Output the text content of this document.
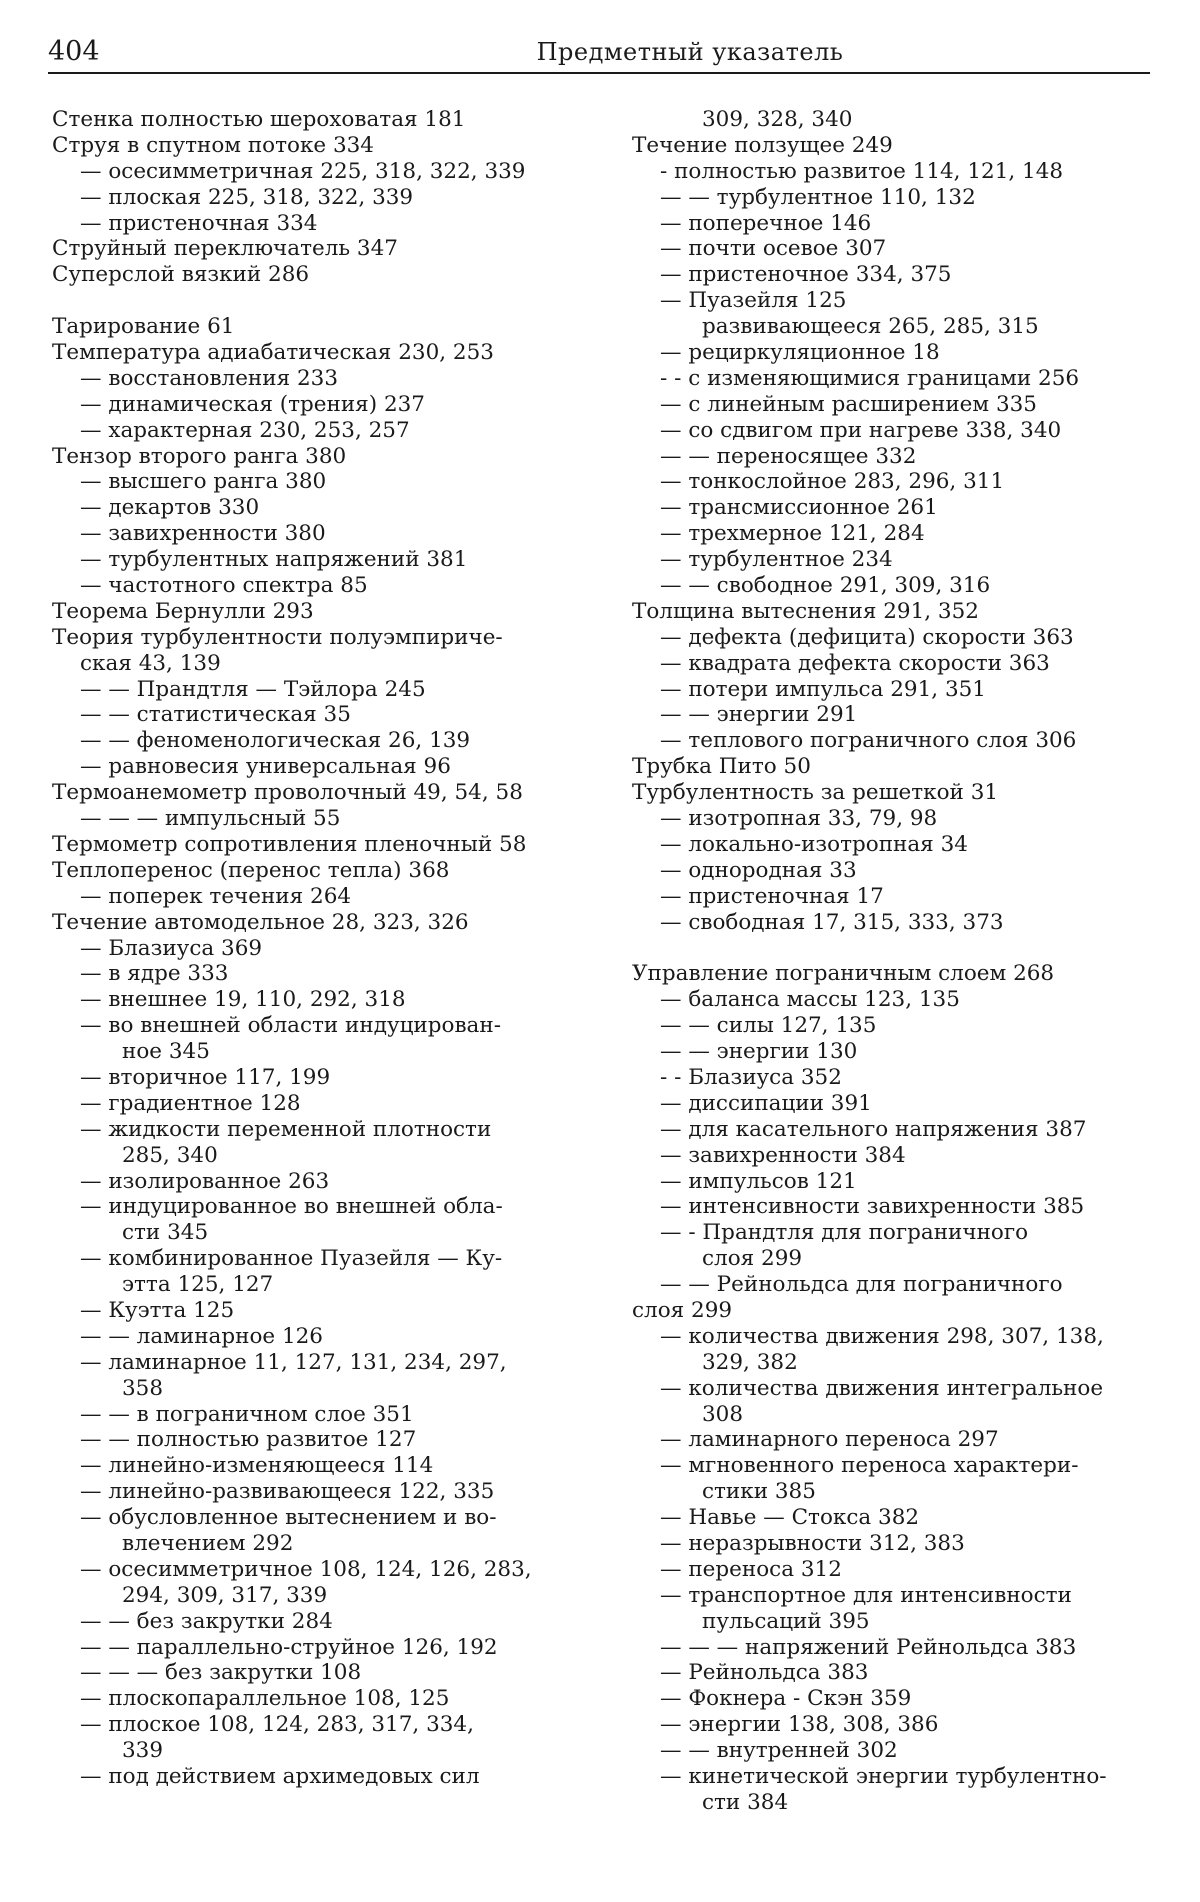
404	Предметный указатель
Стенка полностью шероховатая 181
Струя в спутном потоке 334
— осесимметричная 225, 318, 322, 339
— плоская 225, 318, 322, 339
— пристеночная 334
Струйный переключатель 347
Суперслой вязкий 286
Тарирование 61
Температура адиабатическая 230, 253
— восстановления 233
— динамическая (трения) 237
— характерная 230, 253, 257
Тензор второго ранга 380
— высшего ранга 380
— декартов 330
— завихренности 380
— турбулентных напряжений 381
— частотного спектра 85
Теорема Бернулли 293
Теория турбулентности полуэмпириче-
ская 43, 139
— — Прандтля — Тэйлора 245
— — статистическая 35
— — феноменологическая 26, 139
— равновесия универсальная 96
Термоанемометр проволочный 49, 54, 58
— — — импульсный 55
Термометр сопротивления пленочный 58
Теплоперенос (перенос тепла) 368
— поперек течения 264
Течение автомодельное 28, 323, 326
— Блазиуса 369
— в ядре 333
— внешнее 19, 110, 292, 318
— во внешней области индуцирован-
ное 345
— вторичное 117, 199
— градиентное 128
— жидкости переменной плотности
285, 340
— изолированное 263
— индуцированное во внешней обла-
сти 345
— комбинированное Пуазейля — Ку-
этта 125, 127
— Куэтта 125
— — ламинарное 126
— ламинарное 11, 127, 131, 234, 297,
358
— — в пограничном слое 351
— — полностью развитое 127
— линейно-изменяющееся 114
— линейно-развивающееся 122, 335
— обусловленное вытеснением и во-
влечением 292
— осесимметричное 108, 124, 126, 283,
294, 309, 317, 339
— — без закрутки 284
— — параллельно-струйное 126, 192
— — — без закрутки 108
— плоскопараллельное 108, 125
— плоское 108, 124, 283, 317, 334,
339
— под действием архимедовых сил
309, 328, 340
Течение ползущее 249
- полностью развитое 114, 121, 148
— — турбулентное 110, 132
— поперечное 146
— почти осевое 307
— пристеночное 334, 375
— Пуазейля 125
развивающееся 265, 285, 315
— рециркуляционное 18
- - с изменяющимися границами 256
— с линейным расширением 335
— со сдвигом при нагреве 338, 340
— — переносящее 332
— тонкослойное 283, 296, 311
— трансмиссионное 261
— трехмерное 121, 284
— турбулентное 234
— — свободное 291, 309, 316
Толщина вытеснения 291, 352
— дефекта (дефицита) скорости 363
— квадрата дефекта скорости 363
— потери импульса 291, 351
— — энергии 291
— теплового пограничного слоя 306
Трубка Пито 50
Турбулентность за решеткой 31
— изотропная 33, 79, 98
— локально-изотропная 34
— однородная 33
— пристеночная 17
— свободная 17, 315, 333, 373
Управление пограничным слоем 268
— баланса массы 123, 135
— — силы 127, 135
— — энергии 130
- - Блазиуса 352
— диссипации 391
— для касательного напряжения 387
— завихренности 384
— импульсов 121
— интенсивности завихренности 385
— - Прандтля для пограничного
слоя 299
— — Рейнольдса для пограничного
слоя 299
— количества движения 298, 307, 138,
329, 382
— количества движения интегральное
308
— ламинарного переноса 297
— мгновенного переноса характери-
стики 385
— Навье — Стокса 382
— неразрывности 312, 383
— переноса 312
— транспортное для интенсивности
пульсаций 395
— — — напряжений Рейнольдса 383
— Рейнольдса 383
— Фокнера - Скэн 359
— энергии 138, 308, 386
— — внутренней 302
— кинетической энергии турбулентно-
сти 384
